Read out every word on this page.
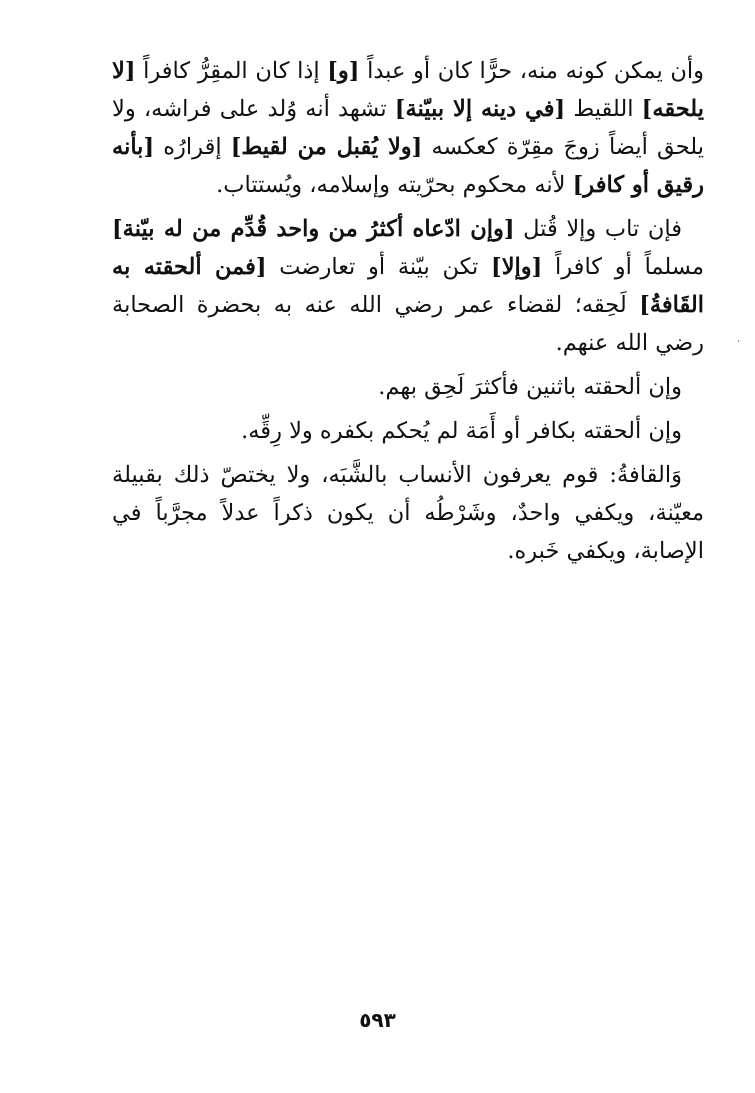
وأن يمكن كونه منه، حرًّا كان أو عبداً [و] إذا كان المقِرُّ كافراً [لا يلحقه] اللقيط [في دينه إلا ببيّنة] تشهد أنه وُلد على فراشه، ولا يلحق أيضاً زوجَ مقِرّة كعكسه [ولا يُقبل من لقيط] إقرارُه [بأنه رقيق أو كافر] لأنه محكوم بحرّيته وإسلامه، ويُستتاب.

فإن تاب وإلا قُتل [وإن ادّعاه أكثرُ من واحد قُدِّم من له بيّنة] مسلماً أو كافراً [وإلا] تكن بيّنة أو تعارضت [فمن ألحقته به القَافةُ] لَحِقه؛ لقضاء عمر رضي الله عنه به بحضرة الصحابة رضي الله عنهم.

وإن ألحقته باثنين فأكثرَ لَحِق بهم.

وإن ألحقته بكافر أو أَمَة لم يُحكم بكفره ولا رِقِّه.

وَالقافةُ: قوم يعرفون الأنساب بالشَّبَه، ولا يختصّ ذلك بقبيلة معيّنة، ويكفي واحدٌ، وشَرْطُه أن يكون ذكراً عدلاً مجرَّباً في الإصابة، ويكفي خَبره.

٥٩٣
